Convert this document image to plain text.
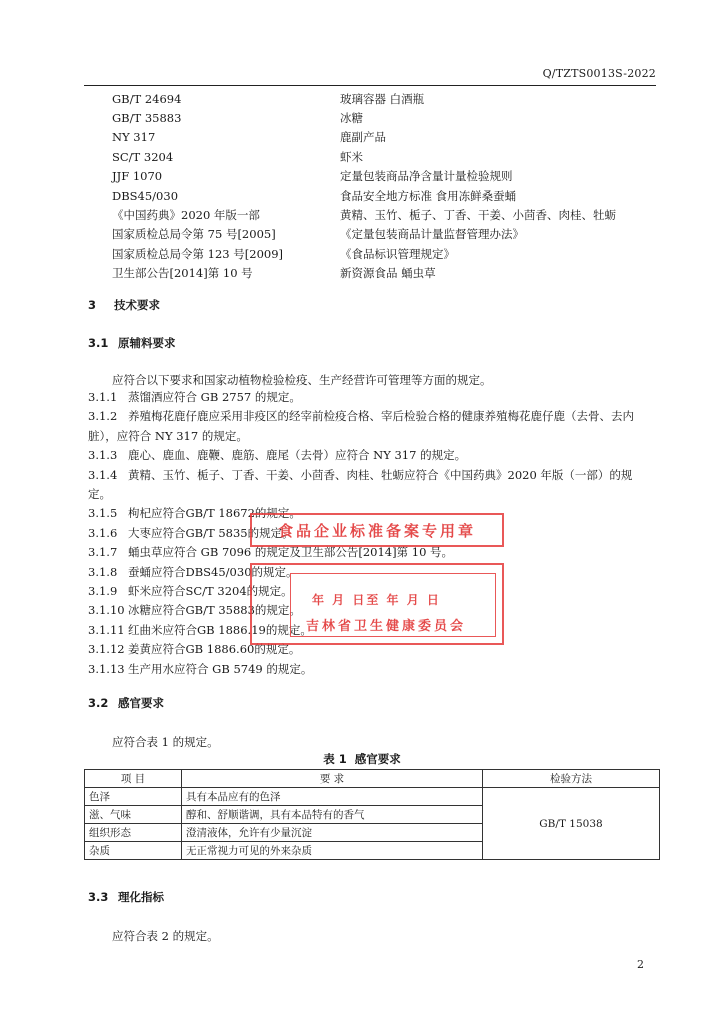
Q/TZTS0013S-2022
GB/T 24694	玻璃容器 白酒瓶
GB/T 35883	冰糖
NY 317	鹿副产品
SC/T 3204	虾米
JJF 1070	定量包装商品净含量计量检验规则
DBS45/030	食品安全地方标准 食用冻鲜桑蚕蛹
《中国药典》2020 年版一部	黄精、玉竹、栀子、丁香、干姜、小茴香、肉桂、牡蛎
国家质检总局令第 75 号[2005]	《定量包装商品计量监督管理办法》
国家质检总局令第 123 号[2009]	《食品标识管理规定》
卫生部公告[2014]第 10 号	新资源食品 蛹虫草
3 技术要求
3.1 原辅料要求
应符合以下要求和国家动植物检验检疫、生产经营许可管理等方面的规定。
3.1.1 蒸馏酒应符合 GB 2757 的规定。
3.1.2 养殖梅花鹿仔鹿应采用非疫区的经宰前检疫合格、宰后检验合格的健康养殖梅花鹿仔鹿（去骨、去内脏），应符合 NY 317 的规定。
3.1.3 鹿心、鹿血、鹿鞭、鹿筋、鹿尾（去骨）应符合 NY 317 的规定。
3.1.4 黄精、玉竹、栀子、丁香、干姜、小茴香、肉桂、牡蛎应符合《中国药典》2020 年版（一部）的规定。
3.1.5 枸杞应符合GB/T 18672的规定。
3.1.6 大枣应符合GB/T 5835的规定。
3.1.7 蛹虫草应符合 GB 7096 的规定及卫生部公告[2014]第 10 号。
3.1.8 蚕蛹应符合DBS45/030的规定。
3.1.9 虾米应符合SC/T 3204的规定。
3.1.10 冰糖应符合GB/T 35883的规定。
3.1.11 红曲米应符合GB 1886.19的规定。
3.1.12 姜黄应符合GB 1886.60的规定。
3.1.13 生产用水应符合 GB 5749 的规定。
食品企业标准备案专用章
年 月 日至 年 月 日
吉林省卫生健康委员会
3.2 感官要求
应符合表 1 的规定。
表 1 感官要求
项 目	要 求	检验方法
色泽	具有本品应有的色泽	GB/T 15038
滋、气味	醇和、舒顺谐调，具有本品特有的香气	
组织形态	澄清液体，允许有少量沉淀	
杂质	无正常视力可见的外来杂质	
3.3 理化指标
应符合表 2 的规定。
2
